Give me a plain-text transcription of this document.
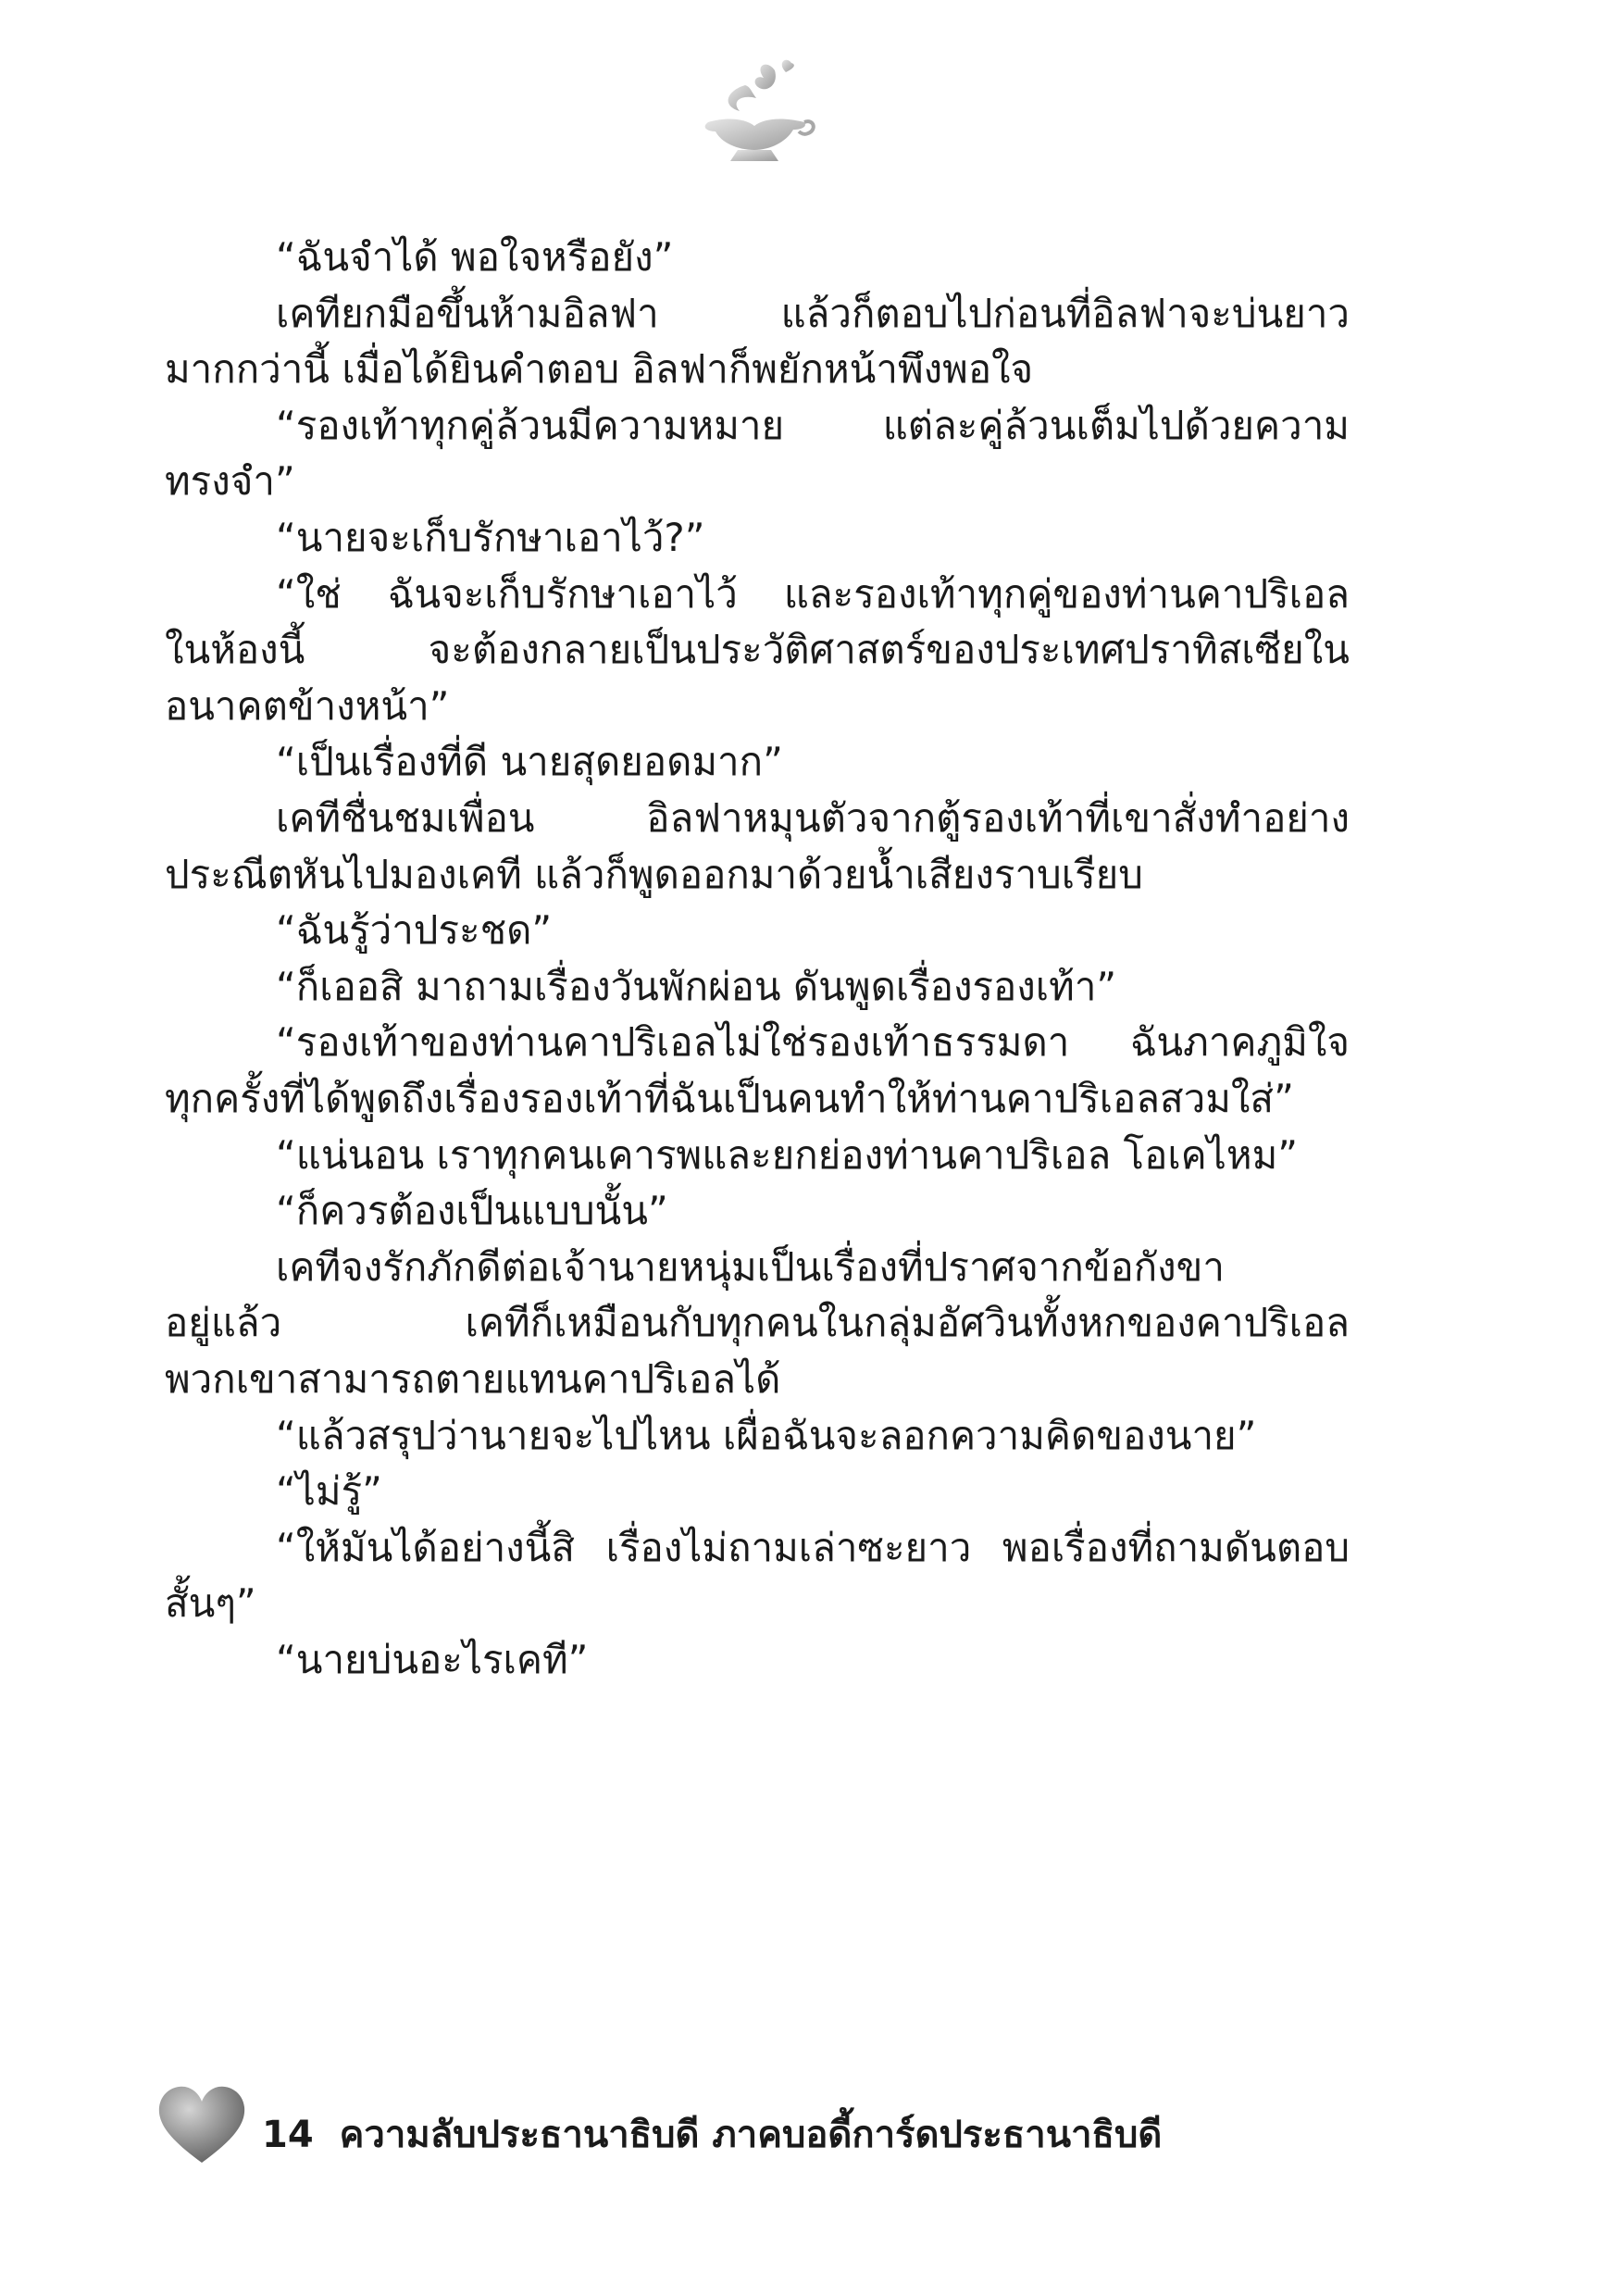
“ฉันจำได้ พอใจหรือยัง”
เคทียกมือขึ้นห้ามอิลฟา แล้วก็ตอบไปก่อนที่อิลฟาจะบ่นยาว
มากกว่านี้ เมื่อได้ยินคำตอบ อิลฟาก็พยักหน้าพึงพอใจ
“รองเท้าทุกคู่ล้วนมีความหมาย แต่ละคู่ล้วนเต็มไปด้วยความ
ทรงจำ”
“นายจะเก็บรักษาเอาไว้?”
“ใช่ ฉันจะเก็บรักษาเอาไว้ และรองเท้าทุกคู่ของท่านคาปริเอล
ในห้องนี้ จะต้องกลายเป็นประวัติศาสตร์ของประเทศปราทิสเซียใน
อนาคตข้างหน้า”
“เป็นเรื่องที่ดี นายสุดยอดมาก”
เคทีชื่นชมเพื่อน อิลฟาหมุนตัวจากตู้รองเท้าที่เขาสั่งทำอย่าง
ประณีตหันไปมองเคที แล้วก็พูดออกมาด้วยน้ำเสียงราบเรียบ
“ฉันรู้ว่าประชด”
“ก็เออสิ มาถามเรื่องวันพักผ่อน ดันพูดเรื่องรองเท้า”
“รองเท้าของท่านคาปริเอลไม่ใช่รองเท้าธรรมดา ฉันภาคภูมิใจ
ทุกครั้งที่ได้พูดถึงเรื่องรองเท้าที่ฉันเป็นคนทำให้ท่านคาปริเอลสวมใส่”
“แน่นอน เราทุกคนเคารพและยกย่องท่านคาปริเอล โอเคไหม”
“ก็ควรต้องเป็นแบบนั้น”
เคทีจงรักภักดีต่อเจ้านายหนุ่มเป็นเรื่องที่ปราศจากข้อกังขา
อยู่แล้ว เคทีก็เหมือนกับทุกคนในกลุ่มอัศวินทั้งหกของคาปริเอล
พวกเขาสามารถตายแทนคาปริเอลได้
“แล้วสรุปว่านายจะไปไหน เผื่อฉันจะลอกความคิดของนาย”
“ไม่รู้”
“ให้มันได้อย่างนี้สิ เรื่องไม่ถามเล่าซะยาว พอเรื่องที่ถามดันตอบ
สั้นๆ”
“นายบ่นอะไรเคที”
14 ความลับประธานาธิบดี ภาคบอดี้การ์ดประธานาธิบดี
